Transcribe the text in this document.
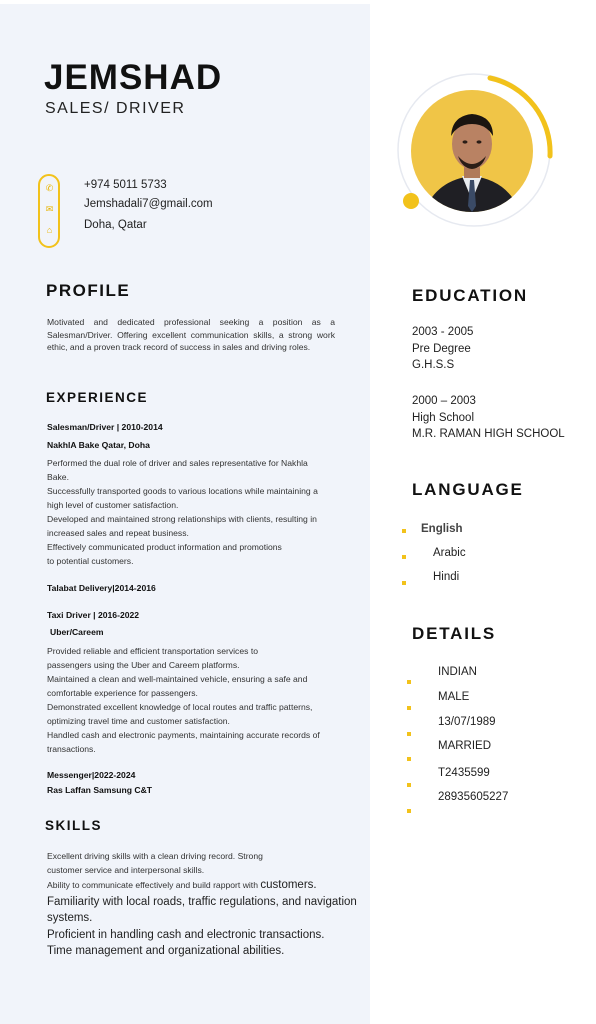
JEMSHAD
SALES/ DRIVER
✆
✉
⌂
+974 5011 5733
Jemshadali7@gmail.com
Doha, Qatar
PROFILE
Motivated and dedicated professional seeking a position as a Salesman/Driver. Offering excellent communication skills, a strong work ethic, and a proven track record of success in sales and driving roles.
EXPERIENCE
Salesman/Driver | 2010-2014
NakhlA Bake Qatar, Doha
Performed the dual role of driver and sales representative for Nakhla
Bake.
Successfully transported goods to various locations while maintaining a
high level of customer satisfaction.
Developed and maintained strong relationships with clients, resulting in
increased sales and repeat business.
Effectively communicated product information and promotions
to potential customers.
Talabat Delivery|2014-2016
Taxi Driver | 2016-2022
Uber/Careem
Provided reliable and efficient transportation services to
passengers using the Uber and Careem platforms.
Maintained a clean and well-maintained vehicle, ensuring a safe and
comfortable experience for passengers.
Demonstrated excellent knowledge of local routes and traffic patterns,
optimizing travel time and customer satisfaction.
Handled cash and electronic payments, maintaining accurate records of
transactions.
Messenger|2022-2024
Ras Laffan Samsung C&T
SKILLS
Excellent driving skills with a clean driving record. Strong
customer service and interpersonal skills.
Ability to communicate effectively and build rapport with customers.
Familiarity with local roads, traffic regulations, and navigation
systems.
Proficient in handling cash and electronic transactions.
Time management and organizational abilities.
EDUCATION
2003 - 2005
Pre Degree
G.H.S.S
2000 – 2003
High School
M.R. RAMAN HIGH SCHOOL
LANGUAGE
English
Arabic
Hindi
DETAILS
INDIAN
MALE
13/07/1989
MARRIED
T2435599
28935605227
